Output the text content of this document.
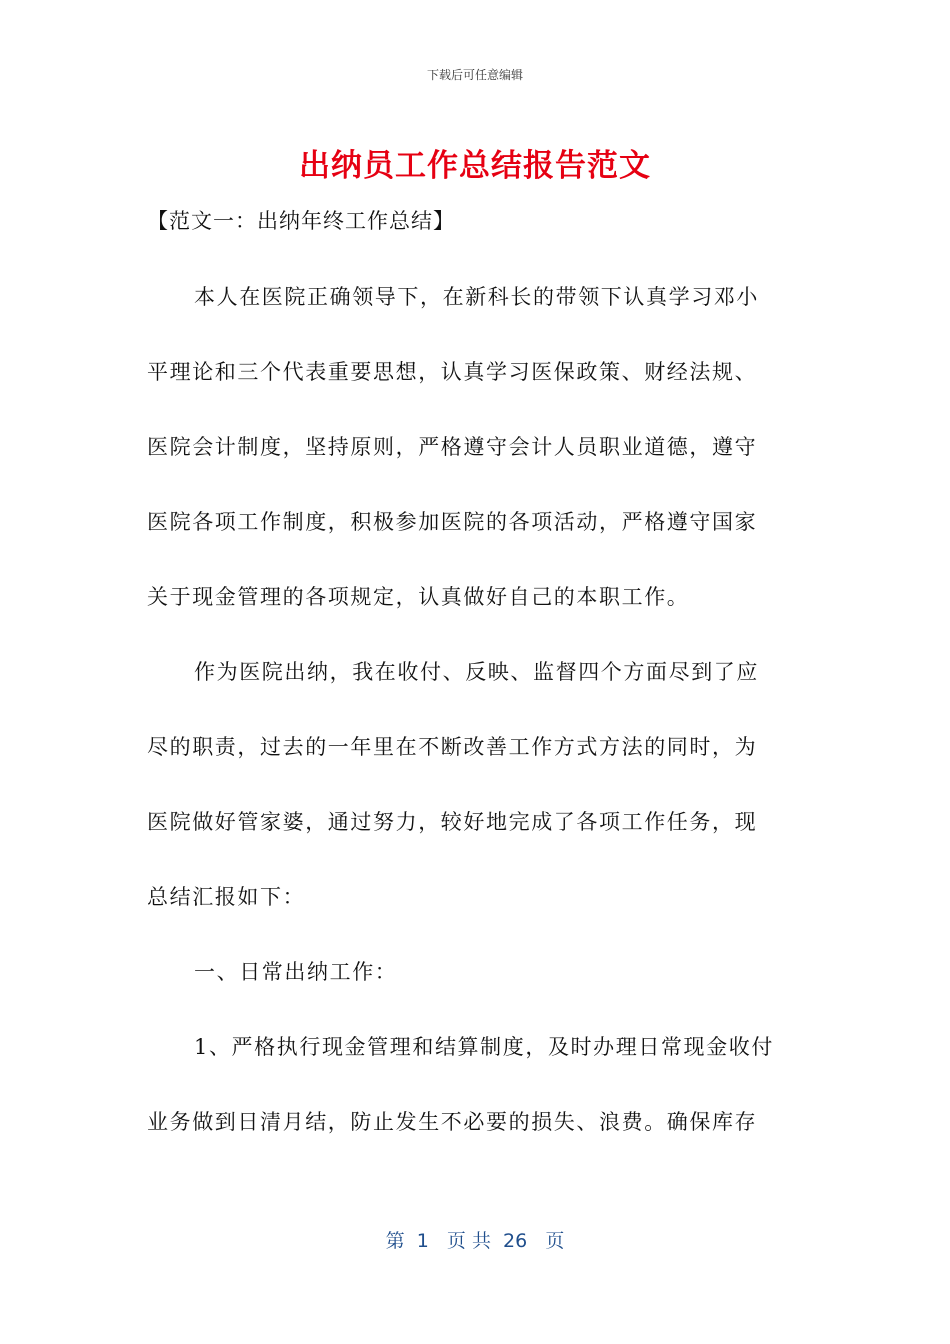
下载后可任意编辑
出纳员工作总结报告范文
【范文一：出纳年终工作总结】
本人在医院正确领导下，在新科长的带领下认真学习邓小
平理论和三个代表重要思想，认真学习医保政策、财经法规、
医院会计制度，坚持原则，严格遵守会计人员职业道德，遵守
医院各项工作制度，积极参加医院的各项活动，严格遵守国家
关于现金管理的各项规定，认真做好自己的本职工作。
作为医院出纳，我在收付、反映、监督四个方面尽到了应
尽的职责，过去的一年里在不断改善工作方式方法的同时，为
医院做好管家婆，通过努力，较好地完成了各项工作任务，现
总结汇报如下：
一、日常出纳工作：
1、严格执行现金管理和结算制度，及时办理日常现金收付
业务做到日清月结，防止发生不必要的损失、浪费。确保库存
第  1   页 共  26   页
